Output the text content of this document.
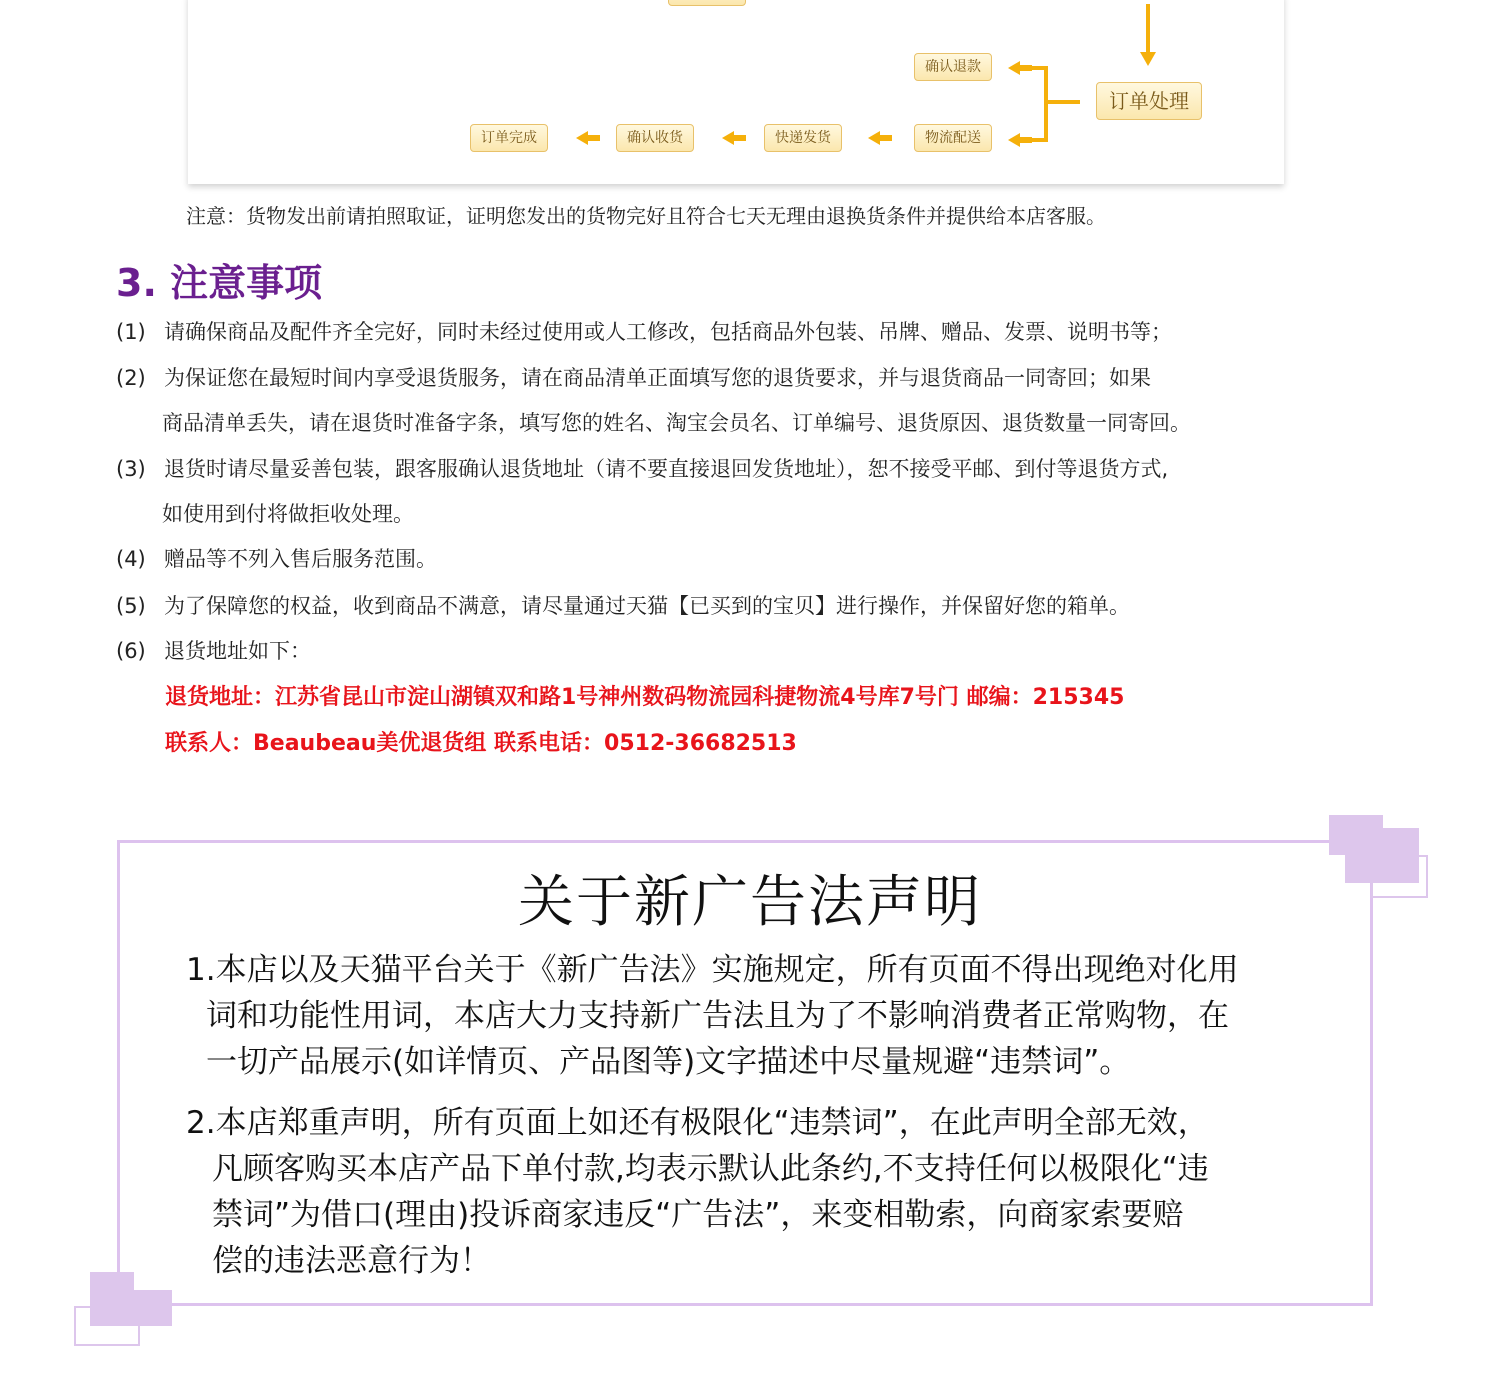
确认退款
订单处理
物流配送
快递发货
确认收货
订单完成
注意：货物发出前请拍照取证，证明您发出的货物完好且符合七天无理由退换货条件并提供给本店客服。
3. 注意事项
(1) 请确保商品及配件齐全完好，同时未经过使用或人工修改，包括商品外包装、吊牌、赠品、发票、说明书等；
(2) 为保证您在最短时间内享受退货服务，请在商品清单正面填写您的退货要求，并与退货商品一同寄回；如果
商品清单丢失，请在退货时准备字条，填写您的姓名、淘宝会员名、订单编号、退货原因、退货数量一同寄回。
(3) 退货时请尽量妥善包装，跟客服确认退货地址（请不要直接退回发货地址），恕不接受平邮、到付等退货方式,
如使用到付将做拒收处理。
(4) 赠品等不列入售后服务范围。
(5) 为了保障您的权益，收到商品不满意，请尽量通过天猫【已买到的宝贝】进行操作，并保留好您的箱单。
(6) 退货地址如下：
退货地址：江苏省昆山市淀山湖镇双和路1号神州数码物流园科捷物流4号库7号门 邮编：215345
联系人：Beaubeau美优退货组 联系电话：0512-36682513
关于新广告法声明
1.本店以及天猫平台关于《新广告法》实施规定，所有页面不得出现绝对化用
词和功能性用词，本店大力支持新广告法且为了不影响消费者正常购物，在
一切产品展示(如详情页、产品图等)文字描述中尽量规避“违禁词”。
2.本店郑重声明，所有页面上如还有极限化“违禁词”，在此声明全部无效，
凡顾客购买本店产品下单付款,均表示默认此条约,不支持任何以极限化“违
禁词”为借口(理由)投诉商家违反“广告法”，来变相勒索，向商家索要赔
偿的违法恶意行为！
